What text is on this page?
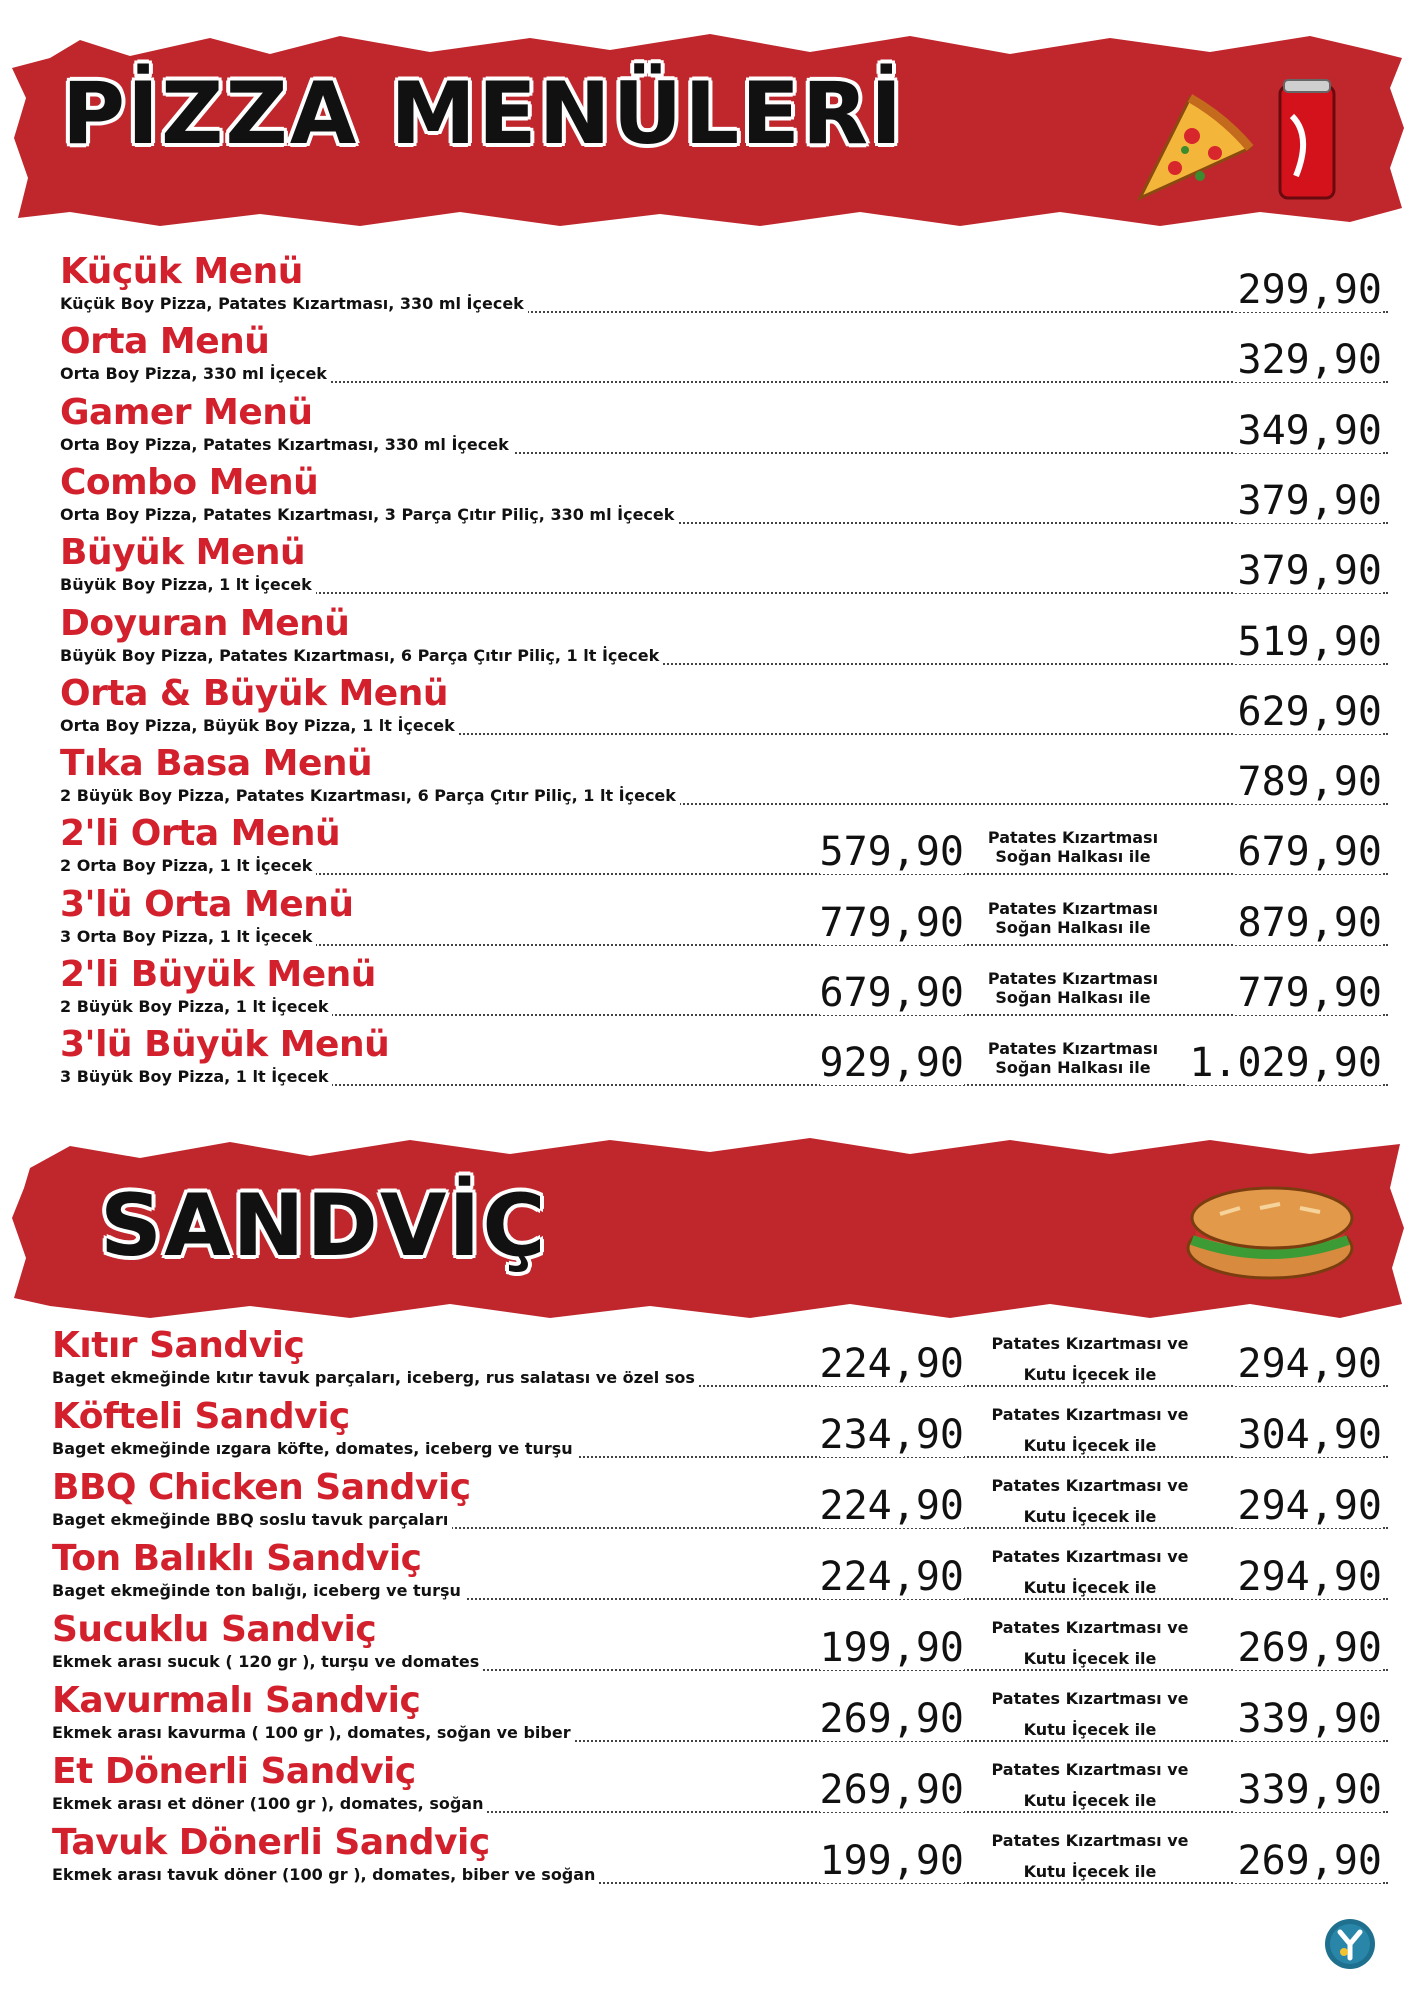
PİZZA MENÜLERİ
Küçük Menü
Küçük Boy Pizza, Patates Kızartması, 330 ml İçecek	299,90
Orta Menü
Orta Boy Pizza, 330 ml İçecek	329,90
Gamer Menü
Orta Boy Pizza, Patates Kızartması, 330 ml İçecek	349,90
Combo Menü
Orta Boy Pizza, Patates Kızartması, 3 Parça Çıtır Piliç, 330 ml İçecek	379,90
Büyük Menü
Büyük Boy Pizza, 1 lt İçecek	379,90
Doyuran Menü
Büyük Boy Pizza, Patates Kızartması, 6 Parça Çıtır Piliç, 1 lt İçecek	519,90
Orta & Büyük Menü
Orta Boy Pizza, Büyük Boy Pizza, 1 lt İçecek	629,90
Tıka Basa Menü
2 Büyük Boy Pizza, Patates Kızartması, 6 Parça Çıtır Piliç, 1 lt İçecek	789,90
2'li Orta Menü
2 Orta Boy Pizza, 1 lt İçecek	579,90	Patates Kızartması
Soğan Halkası ile	679,90
3'lü Orta Menü
3 Orta Boy Pizza, 1 lt İçecek	779,90	Patates Kızartması
Soğan Halkası ile	879,90
2'li Büyük Menü
2 Büyük Boy Pizza, 1 lt İçecek	679,90	Patates Kızartması
Soğan Halkası ile	779,90
3'lü Büyük Menü
3 Büyük Boy Pizza, 1 lt İçecek	929,90	Patates Kızartması
Soğan Halkası ile 1.029,90
SANDVİÇ
Kıtır Sandviç
Baget ekmeğinde kıtır tavuk parçaları, iceberg, rus salatası ve özel sos	224,90	Patates Kızartması ve
Kutu İçecek ile	294,90
Köfteli Sandviç
Baget ekmeğinde ızgara köfte, domates, iceberg ve turşu	234,90	Patates Kızartması ve
Kutu İçecek ile	304,90
BBQ Chicken Sandviç
Baget ekmeğinde BBQ soslu tavuk parçaları	224,90	Patates Kızartması ve
Kutu İçecek ile	294,90
Ton Balıklı Sandviç
Baget ekmeğinde ton balığı, iceberg ve turşu	224,90	Patates Kızartması ve
Kutu İçecek ile	294,90
Sucuklu Sandviç
Ekmek arası sucuk ( 120 gr ), turşu ve domates	199,90	Patates Kızartması ve
Kutu İçecek ile	269,90
Kavurmalı Sandviç
Ekmek arası kavurma ( 100 gr ), domates, soğan ve biber	269,90	Patates Kızartması ve
Kutu İçecek ile	339,90
Et Dönerli Sandviç
Ekmek arası et döner (100 gr ), domates, soğan	269,90	Patates Kızartması ve
Kutu İçecek ile	339,90
Tavuk Dönerli Sandviç
Ekmek arası tavuk döner (100 gr ), domates, biber ve soğan	199,90	Patates Kızartması ve
Kutu İçecek ile	269,90
